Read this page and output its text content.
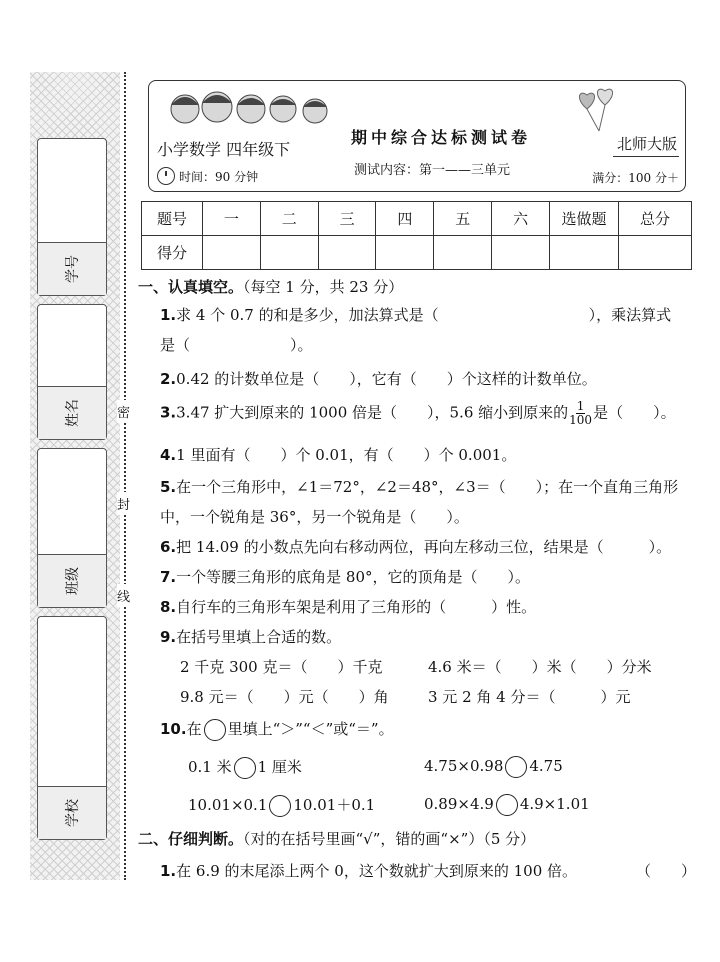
学号
姓名
班级
学校
密
封
线
小学数学 四年级下
期中综合达标测试卷
测试内容：第一——三单元
时间：90 分钟
北师大版
满分：100 分＋
题号	一	二	三	四	五	六	选做题	总分
得分								
一、认真填空。（每空 1 分，共 23 分）
1.求 4 个 0.7 的和是多少，加法算式是（	），乘法算式
是（	）。
2.0.42 的计数单位是（　　），它有（　　）个这样的计数单位。
3.3.47 扩大到原来的 1000 倍是（　　），5.6 缩小到原来的 $\frac{1}{100}$ 是（　　）。
4.1 里面有（　　）个 0.01，有（　　）个 0.001。
5.在一个三角形中，∠1＝72°，∠2＝48°，∠3＝（　　）；在一个直角三角形
中，一个锐角是 36°，另一个锐角是（　　）。
6.把 14.09 的小数点先向右移动两位，再向左移动三位，结果是（　　　）。
7.一个等腰三角形的底角是 80°，它的顶角是（　　）。
8.自行车的三角形车架是利用了三角形的（　　　）性。
9.在括号里填上合适的数。
2 千克 300 克＝（　　）千克	4.6 米＝（　　）米（　　）分米
9.8 元＝（　　）元（　　）角	3 元 2 角 4 分＝（　　　）元
10.在 里填上“＞”“＜”或“＝”。
0.1 米 1 厘米	4.75×0.98 4.75
10.01×0.1 10.01＋0.1	0.89×4.9 4.9×1.01
二、仔细判断。（对的在括号里画“√”，错的画“×”）（5 分）
1.在 6.9 的末尾添上两个 0，这个数就扩大到原来的 100 倍。	（　　）
